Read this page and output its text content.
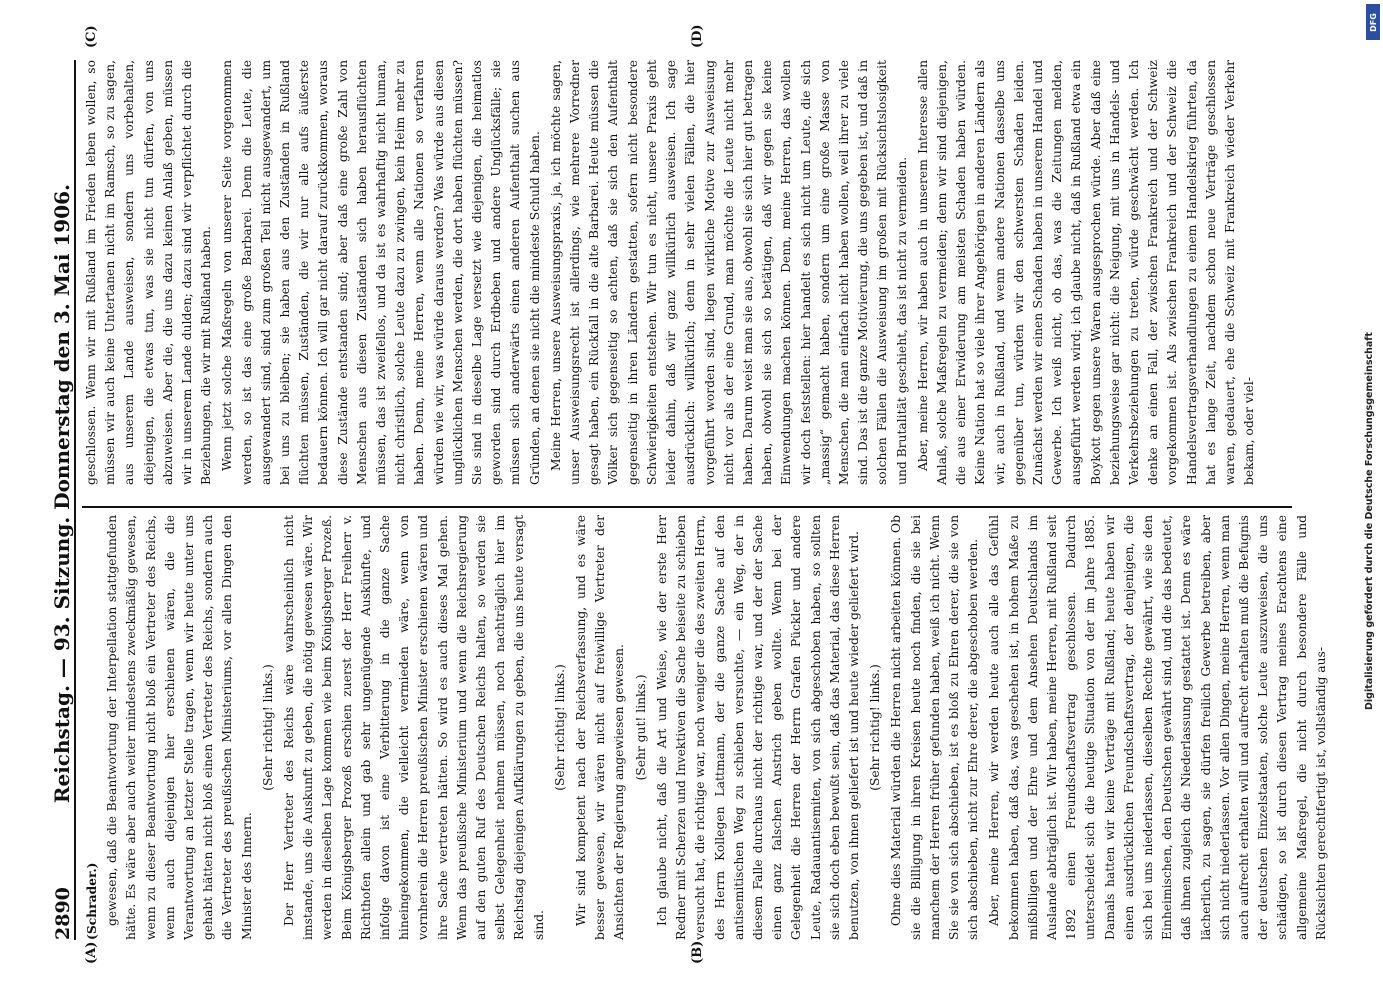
2890
Reichstag. — 93. Sitzung. Donnerstag den 3. Mai 1906.
(A)	(B)
(C)	(D)

(Schrader.) gewesen, daß die Beantwortung der Interpellation stattgefunden hätte. Es wäre aber auch weiter mindestens zweckmäßig gewesen, wenn zu dieser Beantwortung nicht bloß ein Vertreter des Reichs, wenn auch diejenigen hier erschienen wären, die die Verantwortung an letzter Stelle tragen, wenn wir heute unter uns gehabt hätten nicht bloß einen Vertreter des Reichs, sondern auch die Vertreter des preußischen Ministeriums, vor allen Dingen den Minister des Innern.

(Sehr richtig! links.) Der Herr Vertreter des Reichs wäre wahrscheinlich nicht imstande, uns die Auskunft zu geben, die nötig gewesen wäre. Wir werden in dieselben Lage kommen wie beim Königsberger Prozeß. Beim Königsberger Prozeß erschien zuerst der Herr Freiherr v. Richthofen allein und gab sehr ungenügende Auskünfte, und infolge davon ist eine Verbitterung in die ganze Sache hineingekommen, die vielleicht vermieden wäre, wenn von vornherein die Herren preußischen Minister erschienen wären und ihre Sache vertreten hätten. So wird es auch dieses Mal gehen. Wenn das preußische Ministerium und wenn die Reichsregierung auf den guten Ruf des Deutschen Reichs halten, so werden sie selbst Gelegenheit nehmen müssen, noch nachträglich hier im Reichstag diejenigen Aufklärungen zu geben, die uns heute versagt sind.

(Sehr richtig! links.) Wir sind kompetent nach der Reichsverfassung, und es wäre besser gewesen, wir wären nicht auf freiwillige Vertreter der Ansichten der Regierung angewiesen gewesen. (Sehr gut! links.) Ich glaube nicht, daß die Art und Weise, wie der erste Herr Redner mit Scherzen und Invektiven die Sache beiseite zu schieben versucht hat, die richtige war, noch weniger die des zweiten Herrn, des Herrn Kollegen Lattmann, der die ganze Sache auf den antisemitischen Weg zu schieben versuchte, — ein Weg, der in diesem Falle durchaus nicht der richtige war, und der der Sache einen ganz falschen Anstrich geben wollte. Wenn bei der Gelegenheit die Herren der Herrn Grafen Pückler und andere Leute, Radauantisemiten, von sich abgeschoben haben, so sollten sie sich doch eben bewußt sein, daß das Material, das diese Herren benutzen, von ihnen geliefert ist und heute wieder geliefert wird. (Sehr richtig! links.) Ohne dies Material würden die Herren nicht arbeiten können. Ob sie die Billigung in ihren Kreisen heute noch finden, die sie bei manchem der Herren früher gefunden haben, weiß ich nicht. Wenn Sie sie von sich abschieben, ist es bloß zu Ehren derer, die sie von sich abschieben, nicht zur Ehre derer, die abgeschoben werden. Aber, meine Herren, wir werden heute auch alle das Gefühl bekommen haben, daß das, was geschehen ist, in hohem Maße zu mißbilligen und der Ehre und dem Ansehen Deutschlands im Auslande abträglich ist. Wir haben, meine Herren, mit Rußland seit 1892 einen Freundschaftsvertrag geschlossen. Dadurch unterscheidet sich die heutige Situation von der im Jahre 1885. Damals hatten wir keine Verträge mit Rußland; heute haben wir einen ausdrücklichen Freundschaftsvertrag, der denjenigen, die sich bei uns niederlassen, dieselben Rechte gewährt, wie sie den Einheimischen, den Deutschen gewährt sind, und die das bedeutet, daß ihnen zugleich die Niederlassung gestattet ist. Denn es wäre lächerlich, zu sagen, sie dürfen freilich Gewerbe betreiben, aber sich nicht niederlassen. Vor allen Dingen, meine Herren, wenn man auch aufrecht erhalten will und aufrecht erhalten muß die Befugnis der deutschen Einzelstaaten, solche Leute auszuweisen, die uns schädigen, so ist durch diesen Vertrag meines Erachtens eine allgemeine Maßregel, die nicht durch besondere Fälle und Rücksichten gerechtfertigt ist, vollständig aus-

geschlossen. Wenn wir mit Rußland im Frieden leben wollen, so müssen wir auch keine Untertanen nicht im Ramsch, so zu sagen, aus unserem Lande ausweisen, sondern uns vorbehalten, diejenigen, die etwas tun, was sie nicht tun dürfen, von uns abzuweisen. Aber die, die uns dazu keinen Anlaß geben, müssen wir in unserem Lande dulden; dazu sind wir verpflichtet durch die Beziehungen, die wir mit Rußland haben. Wenn jetzt solche Maßregeln von unserer Seite vorgenommen werden, so ist das eine große Barbarei. Denn die Leute, die ausgewandert sind, sind zum großen Teil nicht ausgewandert, um bei uns zu bleiben; sie haben aus den Zuständen in Rußland flüchten müssen, Zuständen, die wir nur alle aufs äußerste bedauern können. Ich will gar nicht darauf zurückkommen, woraus diese Zustände entstanden sind; aber daß eine große Zahl von Menschen aus diesen Zuständen sich haben herausflüchten müssen, das ist zweifellos, und da ist es wahrhaftig nicht human, nicht christlich, solche Leute dazu zu zwingen, kein Heim mehr zu haben. Denn, meine Herren, wenn alle Nationen so verfahren würden wie wir, was würde daraus werden? Was würde aus diesen unglücklichen Menschen werden, die dort haben flüchten müssen? Sie sind in dieselbe Lage versetzt wie diejenigen, die heimatlos geworden sind durch Erdbeben und andere Unglücksfälle; sie müssen sich anderwärts einen anderen Aufenthalt suchen aus Gründen, an denen sie nicht die mindeste Schuld haben. Meine Herren, unsere Ausweisungspraxis, ja, ich möchte sagen, unser Ausweisungsrecht ist allerdings, wie mehrere Vorredner gesagt haben, ein Rückfall in die alte Barbarei. Heute müssen die Völker sich gegenseitig so achten, daß sie sich den Aufenthalt gegenseitig in ihren Ländern gestatten, sofern nicht besondere Schwierigkeiten entstehen. Wir tun es nicht, unsere Praxis geht leider dahin, daß wir ganz willkürlich ausweisen. Ich sage ausdrücklich: willkürlich; denn in sehr vielen Fällen, die hier vorgeführt worden sind, liegen wirkliche Motive zur Ausweisung nicht vor als der eine Grund, man möchte die Leute nicht mehr haben. Darum weist man sie aus, obwohl sie sich hier gut betragen haben, obwohl sie sich so betätigen, daß wir gegen sie keine Einwendungen machen können. Denn, meine Herren, das wollen wir doch feststellen: hier handelt es sich nicht um Leute, die sich „massig“ gemacht haben, sondern um eine große Masse von Menschen, die man einfach nicht haben wollen, weil ihrer zu viele sind. Das ist die ganze Motivierung, die uns gegeben ist, und daß in solchen Fällen die Ausweisung im großen mit Rücksichtslosigkeit und Brutalität geschieht, das ist nicht zu vermeiden. Aber, meine Herren, wir haben auch in unserem Interesse allen Anlaß, solche Maßregeln zu vermeiden; denn wir sind diejenigen, die aus einer Erwiderung am meisten Schaden haben würden. Keine Nation hat so viele ihrer Angehörigen in anderen Ländern als wir, auch in Rußland, und wenn andere Nationen dasselbe uns gegenüber tun, würden wir den schwersten Schaden leiden. Zunächst werden wir einen Schaden haben in unserem Handel und Gewerbe. Ich weiß nicht, ob das, was die Zeitungen melden, ausgeführt werden wird; ich glaube nicht, daß in Rußland etwa ein Boykott gegen unsere Waren ausgesprochen würde. Aber daß eine beziehungsweise gar nicht: die Neigung, mit uns in Handels- und Verkehrsbeziehungen zu treten, würde geschwächt werden. Ich denke an einen Fall, der zwischen Frankreich und der Schweiz vorgekommen ist. Als zwischen Frankreich und der Schweiz die Handelsvertragsverhandlungen zu einem Handelskrieg führten, da hat es lange Zeit, nachdem schon neue Verträge geschlossen waren, gedauert, ehe die Schweiz mit Frankreich wieder Verkehr bekam, oder viel-

DFG
Digitalisierung gefördert durch die Deutsche Forschungsgemeinschaft
